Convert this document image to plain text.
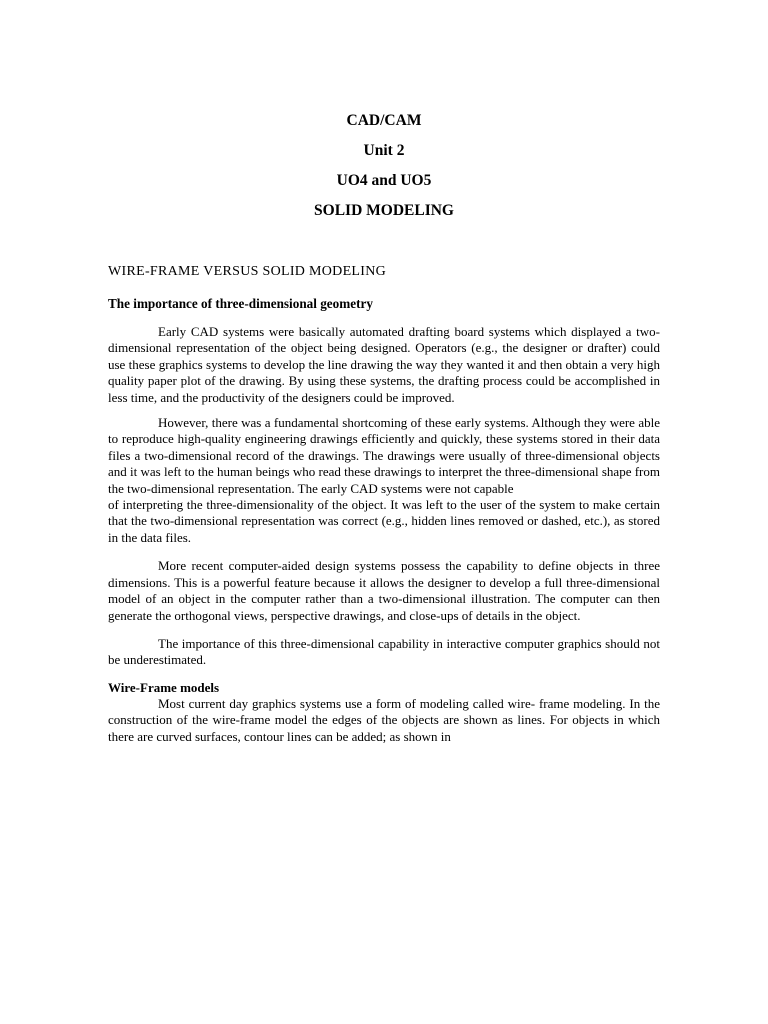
CAD/CAM
Unit 2
UO4 and UO5
SOLID MODELING
WIRE-FRAME VERSUS SOLID MODELING
The importance of three-dimensional geometry

Early CAD systems were basically automated drafting board systems which displayed a two-dimensional representation of the object being designed. Operators (e.g., the designer or drafter) could use these graphics systems to develop the line drawing the way they wanted it and then obtain a very high quality paper plot of the drawing. By using these systems, the drafting process could be accomplished in less time, and the productivity of the designers could be improved.

However, there was a fundamental shortcoming of these early systems. Although they were able to reproduce high-quality engineering drawings efficiently and quickly, these systems stored in their data files a two-dimensional record of the drawings. The drawings were usually of three-dimensional objects and it was left to the human beings who read these drawings to interpret the three-dimensional shape from the two-dimensional representation. The early CAD systems were not capable

of interpreting the three-dimensionality of the object. It was left to the user of the system to make certain that the two-dimensional representation was correct (e.g., hidden lines removed or dashed, etc.), as stored in the data files.

More recent computer-aided design systems possess the capability to define objects in three dimensions. This is a powerful feature because it allows the designer to develop a full three-dimensional model of an object in the computer rather than a two-dimensional illustration. The computer can then generate the orthogonal views, perspective drawings, and close-ups of details in the object.

The importance of this three-dimensional capability in interactive computer graphics should not be underestimated.

Wire-Frame models

Most current day graphics systems use a form of modeling called wire- frame modeling. In the construction of the wire-frame model the edges of the objects are shown as lines. For objects in which there are curved surfaces, contour lines can be added; as shown in
